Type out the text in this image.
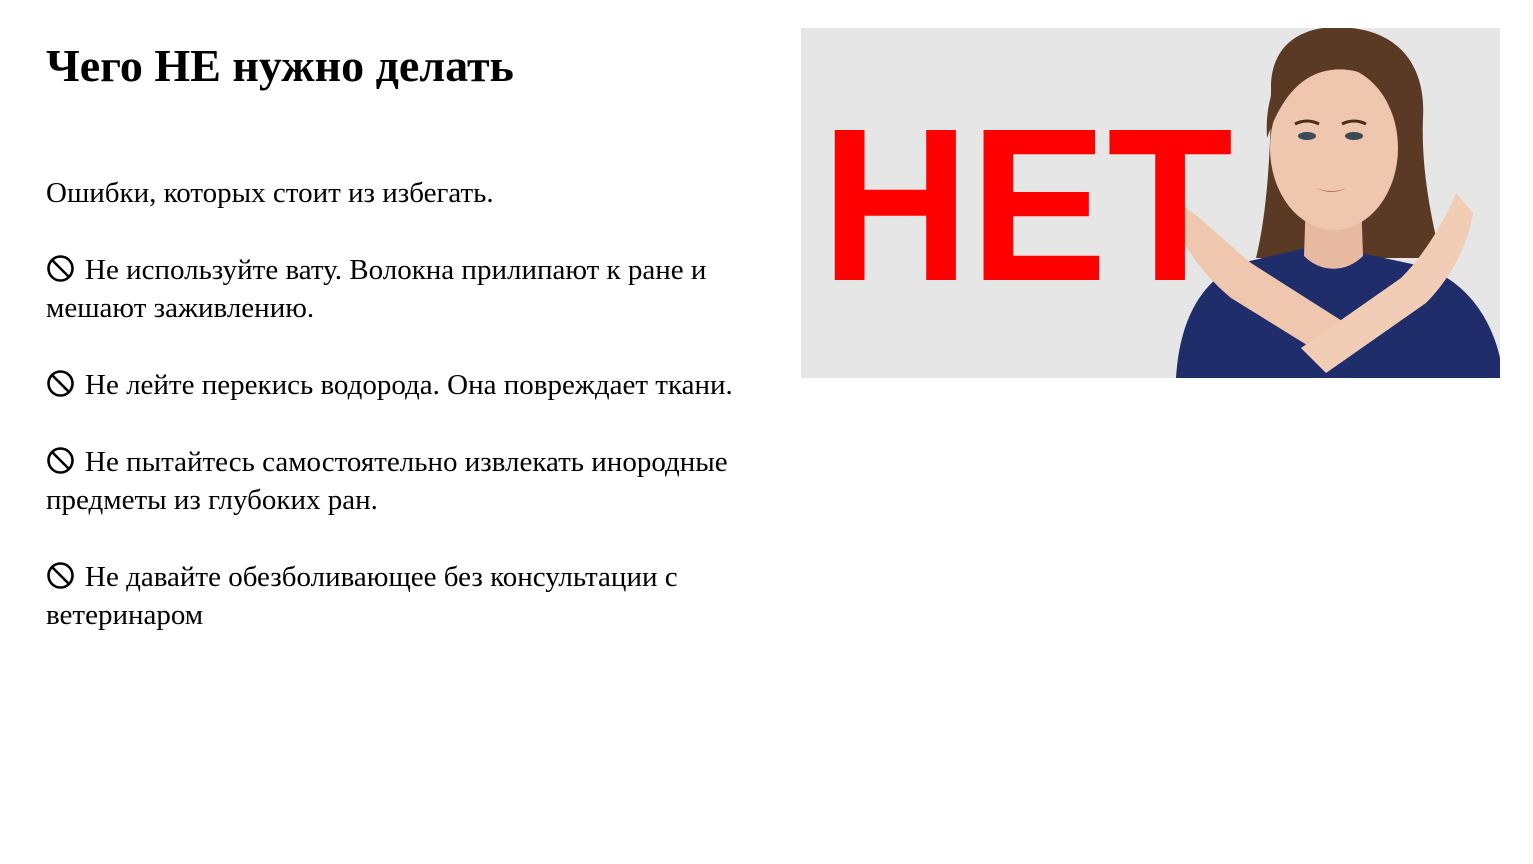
Чего НЕ нужно делать

Ошибки, которых стоит из избегать.

Не используйте вату. Волокна прилипают к ране и мешают заживлению.
Не лейте перекись водорода. Она повреждает ткани.
Не пытайтесь самостоятельно извлекать инородные предметы из глубоких ран.
Не давайте обезболивающее без консультации с ветеринаром
НЕТ
